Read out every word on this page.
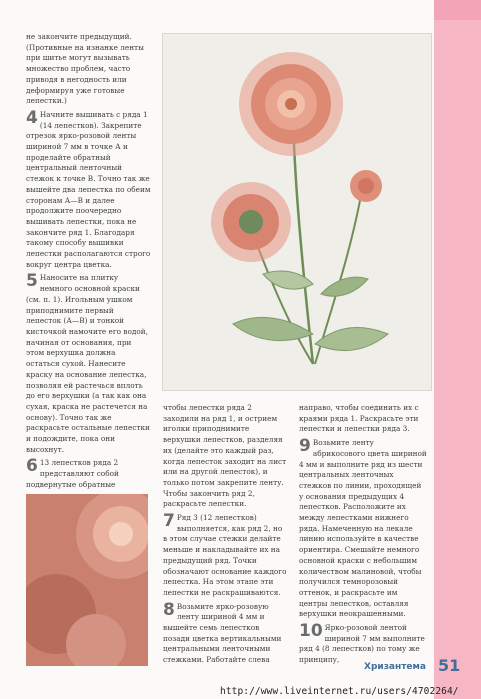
не закончите предыдущий. (Противные на изнанке ленты при шитье могут вызывать множество проблем, часто приводя в негодность или деформируя уже готовые лепестки.)

4 Начните вышивать с ряда 1 (14 лепестков). Закрепите отрезок ярко-розовой ленты шириной 7 мм в точке А и проделайте обратный центральный ленточный стежок к точке В. Точно так же вышейте два лепестка по обеим сторонам А—В и далее продолжите поочередно вышивать лепестки, пока не закончите ряд 1. Благодаря такому способу вышивки лепестки располагаются строго вокруг центра цветка.

5 Наносите на плитку немного основной краски (см. п. 1). Игольным ушком приподнимите первый лепесток (А—В) и тонкой кисточкой намочите его водой, начиная от основания, при этом верхушка должна остаться сухой. Нанесите краску на основание лепестка, позволяя ей растечься вплоть до его верхушки (а так как она сухая, краска не растечется на основу). Точно так же раскрасьте остальные лепестки и подождите, пока они высохнут.

6 13 лепестков ряда 2 представляют собой подвернутые обратные

чтобы лепестки ряда 2 заходили на ряд 1, и острием иголки приподнимите верхушки лепестков, разделяя их (делайте это каждый раз, когда лепесток заходит на лист или на другой лепесток), и только потом закрепите ленту. Чтобы закончить ряд 2, раскрасьте лепестки.

7 Ряд 3 (12 лепестков) выполняется, как ряд 2, но в этом случае стежки делайте меньше и накладывайте их на предыдущий ряд. Точки обозначают основание каждого лепестка. На этом этапе эти лепестки не раскрашиваются.

8 Возьмите ярко-розовую ленту шириной 4 мм и вышейте семь лепестков позади цветка вертикальными центральными ленточными стежками. Работайте слева

направо, чтобы соединить их с краями ряда 1. Раскрасьте эти лепестки и лепестки ряда 3.

9 Возьмите ленту абрикосового цвета шириной 4 мм и выполните ряд из шести центральных ленточных стежков по линии, проходящей у основания предыдущих 4 лепестков. Расположите их между лепестками нижнего ряда. Намеченную на лекале линию используйте в качестве ориентира. Смешайте немного основной краски с небольшим количеством малиновой, чтобы получился темнорозовый оттенок, и раскрасьте им центры лепестков, оставляя верхушки неокрашенными.

10 Ярко-розовой лентой шириной 7 мм выполните ряд 4 (8 лепестков) по тому же принципу,

Хризантема 51
http://www.liveinternet.ru/users/4702264/
